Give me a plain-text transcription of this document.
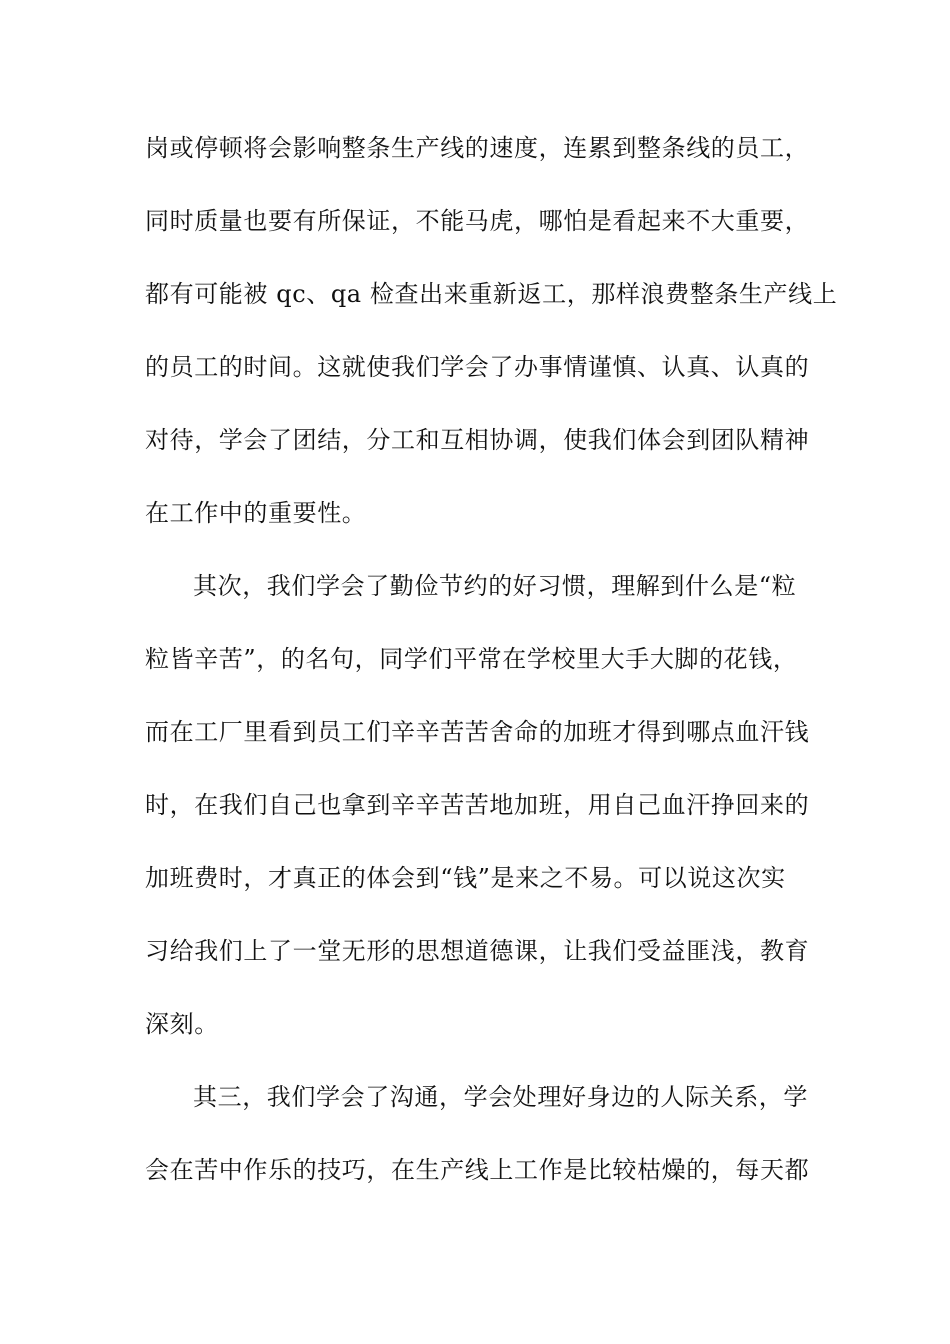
岗或停顿将会影响整条生产线的速度，连累到整条线的员工，
同时质量也要有所保证，不能马虎，哪怕是看起来不大重要，
都有可能被 qc、qa 检查出来重新返工，那样浪费整条生产线上
的员工的时间。这就使我们学会了办事情谨慎、认真、认真的
对待，学会了团结，分工和互相协调，使我们体会到团队精神
在工作中的重要性。
其次，我们学会了勤俭节约的好习惯，理解到什么是“粒
粒皆辛苦”，的名句，同学们平常在学校里大手大脚的花钱，
而在工厂里看到员工们辛辛苦苦舍命的加班才得到哪点血汗钱
时，在我们自己也拿到辛辛苦苦地加班，用自己血汗挣回来的
加班费时，才真正的体会到“钱”是来之不易。可以说这次实
习给我们上了一堂无形的思想道德课，让我们受益匪浅，教育
深刻。
其三，我们学会了沟通，学会处理好身边的人际关系，学
会在苦中作乐的技巧，在生产线上工作是比较枯燥的，每天都
